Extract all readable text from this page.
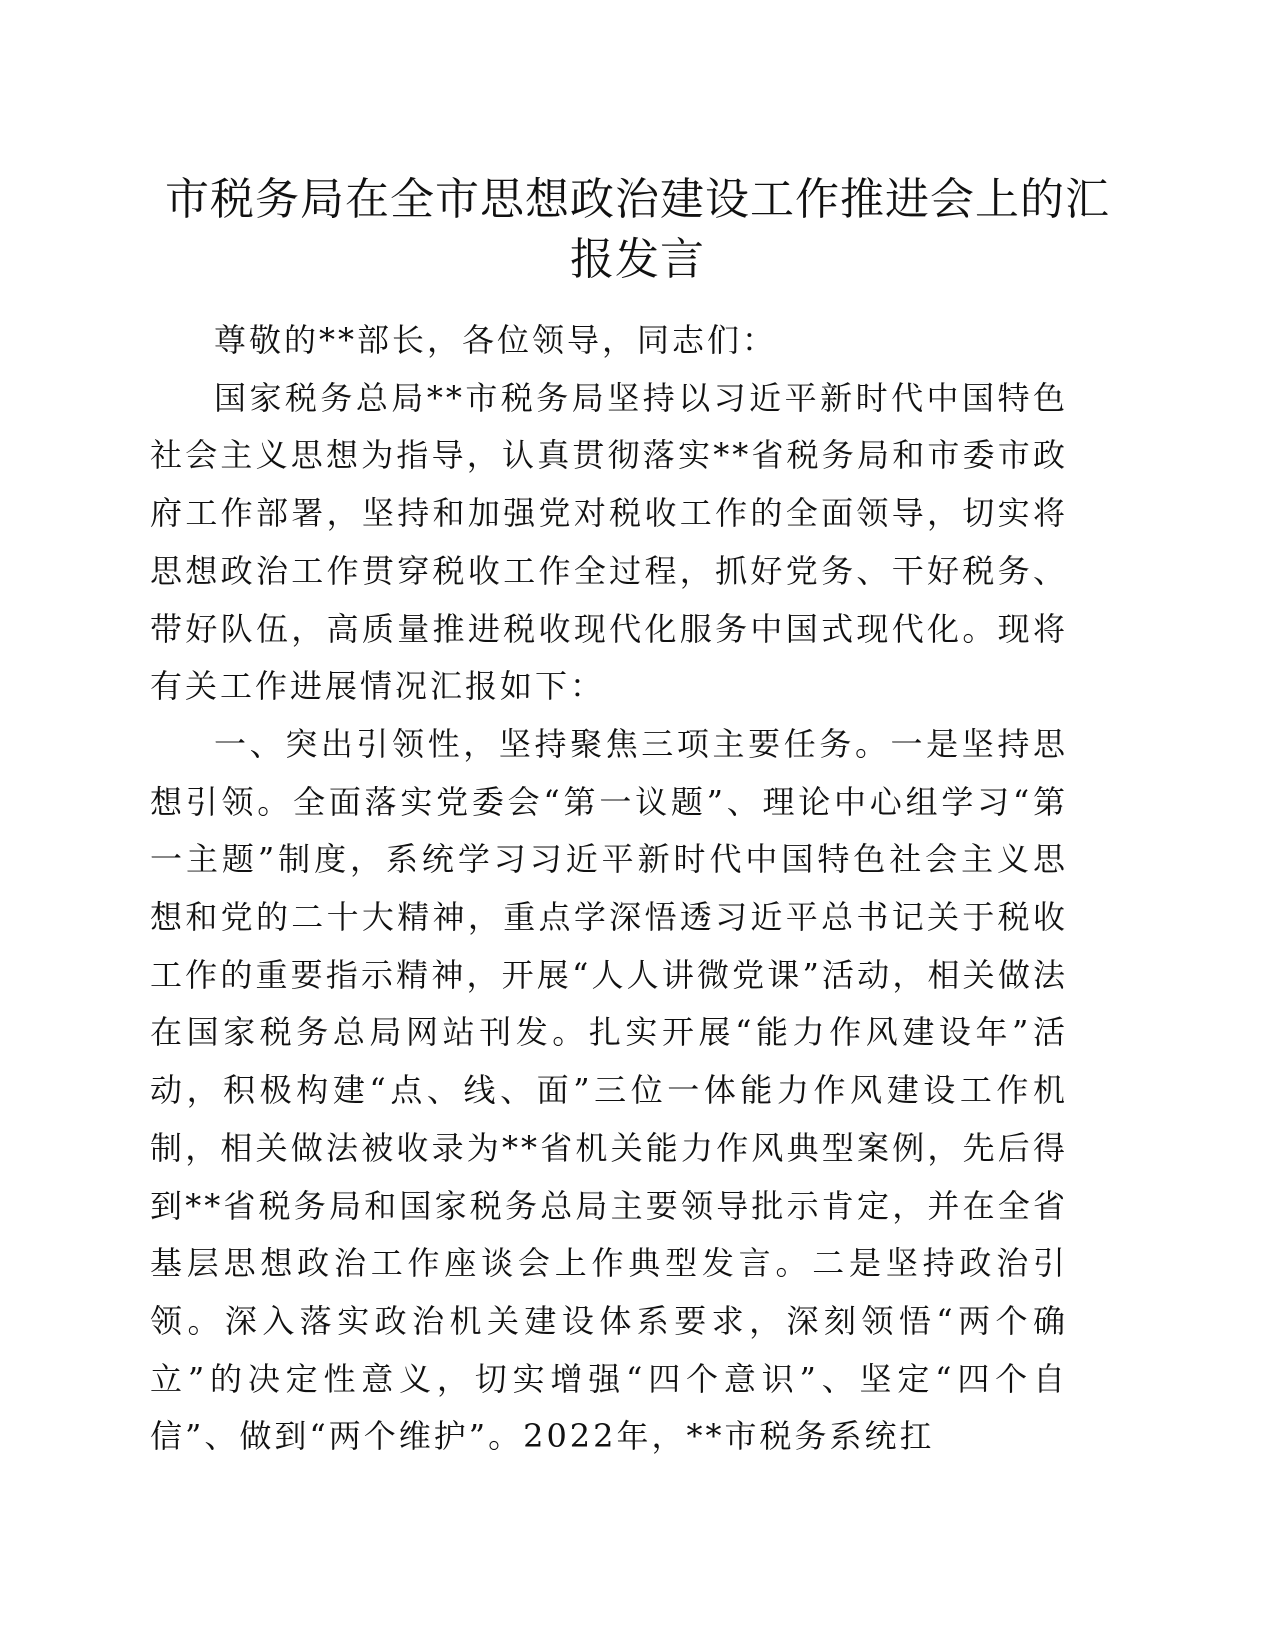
市税务局在全市思想政治建设工作推进会上的汇报发言

尊敬的**部长，各位领导，同志们：

国家税务总局**市税务局坚持以习近平新时代中国特色社会主义思想为指导，认真贯彻落实**省税务局和市委市政府工作部署，坚持和加强党对税收工作的全面领导，切实将思想政治工作贯穿税收工作全过程，抓好党务、干好税务、带好队伍，高质量推进税收现代化服务中国式现代化。现将有关工作进展情况汇报如下：

一、突出引领性，坚持聚焦三项主要任务。一是坚持思想引领。全面落实党委会“第一议题”、理论中心组学习“第一主题”制度，系统学习习近平新时代中国特色社会主义思想和党的二十大精神，重点学深悟透习近平总书记关于税收工作的重要指示精神，开展“人人讲微党课”活动，相关做法在国家税务总局网站刊发。扎实开展“能力作风建设年”活动，积极构建“点、线、面”三位一体能力作风建设工作机制，相关做法被收录为**省机关能力作风典型案例，先后得到**省税务局和国家税务总局主要领导批示肯定，并在全省基层思想政治工作座谈会上作典型发言。二是坚持政治引领。深入落实政治机关建设体系要求，深刻领悟“两个确立”的决定性意义，切实增强“四个意识”、坚定“四个自信”、做到“两个维护”。2022年，**市税务系统扛
